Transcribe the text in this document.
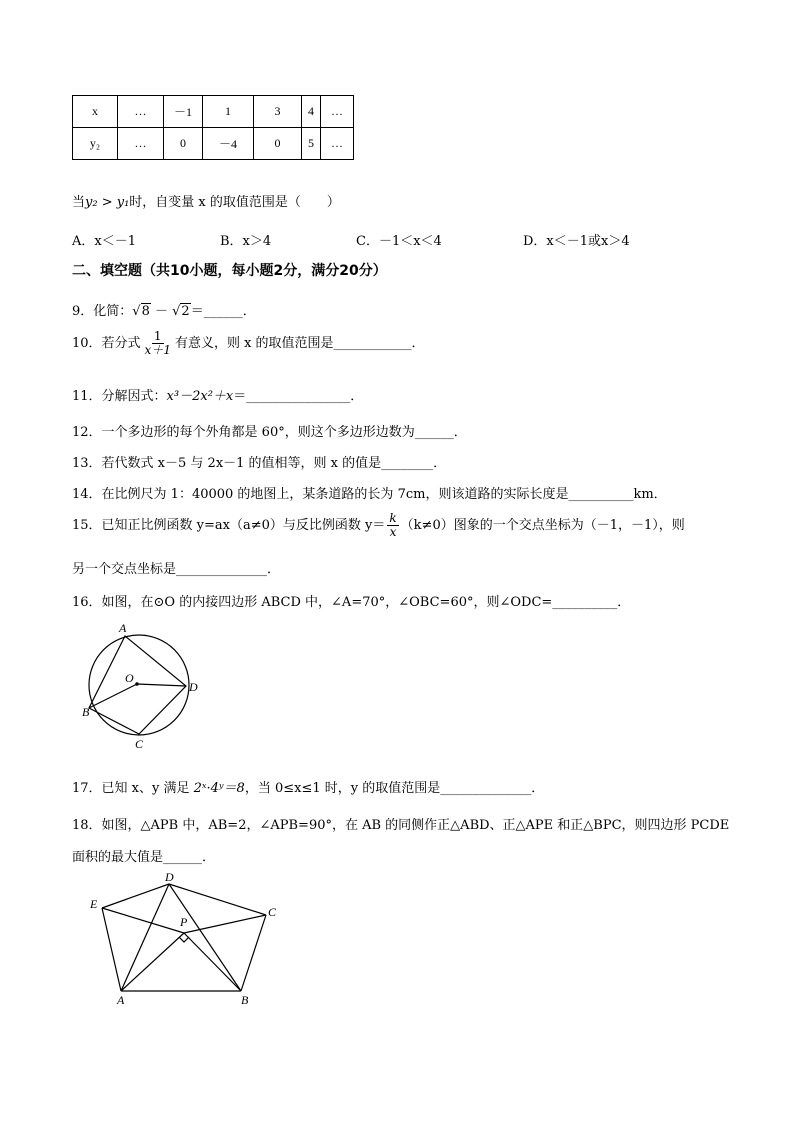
x	…	－1	1	3	4	…
y₂	…	0	－4	0	5	…
当y₂ > y₁时，自变量 x 的取值范围是（　　）
A．x＜－1	B．x＞4	C．－1＜x＜4	D．x＜－1或x＞4
二、填空题（共10小题，每小题2分，满分20分）
9．化简：√8 － √2＝______．
10．若分式 $\frac{1}{x+1}$ 有意义，则 x 的取值范围是____________．
11．分解因式：x³－2x²＋x＝________________．
12．一个多边形的每个外角都是 60°，则这个多边形边数为______．
13．若代数式 x－5 与 2x－1 的值相等，则 x 的值是________．
14．在比例尺为 1：40000 的地图上，某条道路的长为 7cm，则该道路的实际长度是__________km．
15．已知正比例函数 y=ax（a≠0）与反比例函数 $y= \frac{k}{x} (k\ne 0)$图象的一个交点坐标为（－1，－1），则
另一个交点坐标是______________．
16．如图，在⊙O 的内接四边形 ABCD 中，∠A=70°，∠OBC=60°，则∠ODC=__________．
A
B
C
D
O
17．已知 x、y 满足 2ˣ·4ʸ＝8，当 0≤x≤1 时，y 的取值范围是______________．
18．如图，△APB 中，AB=2，∠APB=90°，在 AB 的同侧作正△ABD、正△APE 和正△BPC，则四边形 PCDE
面积的最大值是______．
E
D
C
P
A	B
